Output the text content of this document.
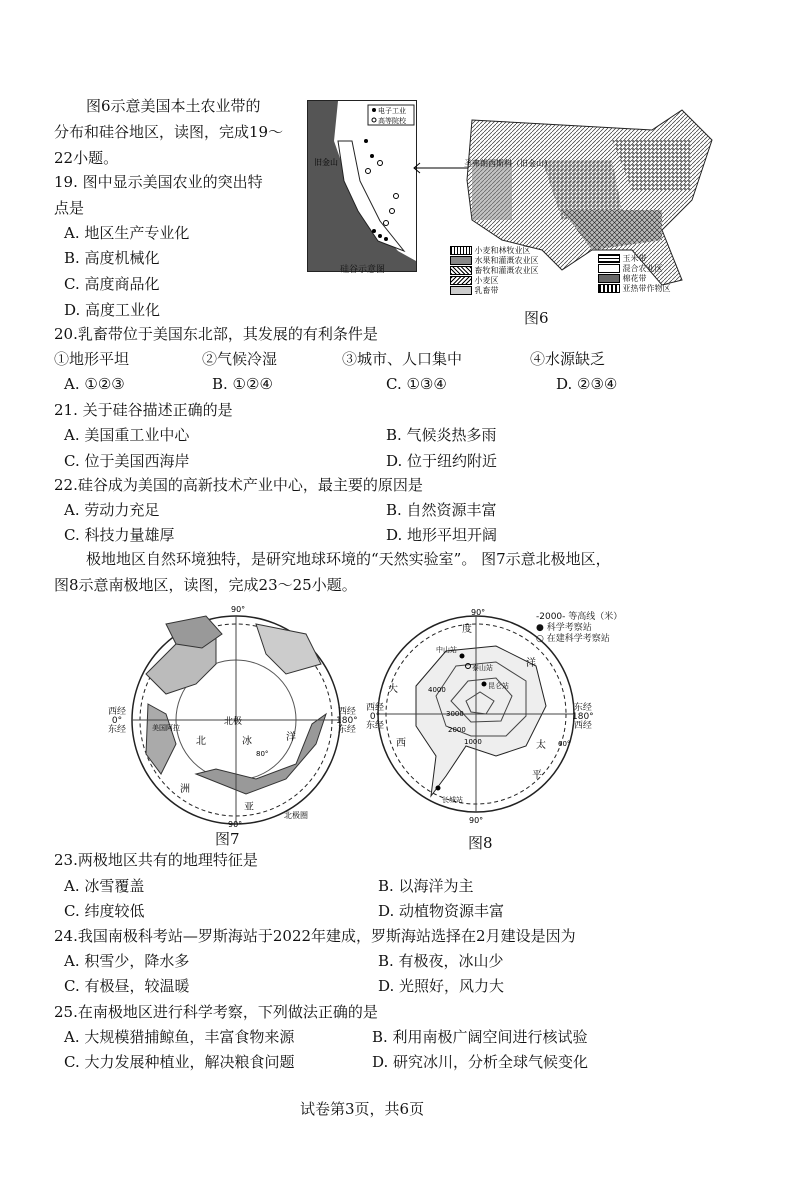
图6示意美国本土农业带的
分布和硅谷地区，读图，完成19～
22小题。
19. 图中显示美国农业的突出特
点是
A. 地区生产专业化
B. 高度机械化
C. 高度商品化
D. 高度工业化
电子工业
高等院校
旧金山
硅谷示意图
圣弗朗西斯科（旧金山）
小麦和林牧业区
水果和灌溉农业区
畜牧和灌溉农业区
小麦区
乳畜带
玉米带
混合农业区
棉花带
亚热带作物区
图6
20.乳畜带位于美国东北部，其发展的有利条件是
①地形平坦	②气候冷湿	③城市、人口集中	④水源缺乏
A. ①②③	B. ①②④	C. ①③④	D. ②③④
21. 关于硅谷描述正确的是
A. 美国重工业中心	B. 气候炎热多雨
C. 位于美国西海岸	D. 位于纽约附近
22.硅谷成为美国的高新技术产业中心，最主要的原因是
A. 劳动力充足	B. 自然资源丰富
C. 科技力量雄厚	D. 地形平坦开阔
极地地区自然环境独特，是研究地球环境的“天然实验室”。 图7示意北极地区，
图8示意南极地区，读图，完成23～25小题。
90°
90°
北极
北	冰	洋
80°
亚
洲
北极圈
美国阿拉
西经
0°
东经
西经
180°
东经
图7
90°
90°
4000
3000
2000
1000
中山站
泰山站
昆仑站
长城站
60°
度
洋
大
西	太
平
-2000- 等高线（米）
● 科学考察站
○ 在建科学考察站
西经
0°
东经
东经
180°
西经
图8
23.两极地区共有的地理特征是
A. 冰雪覆盖	B. 以海洋为主
C. 纬度较低	D. 动植物资源丰富
24.我国南极科考站—罗斯海站于2022年建成，罗斯海站选择在2月建设是因为
A. 积雪少，降水多	B. 有极夜，冰山少
C. 有极昼，较温暖	D. 光照好，风力大
25.在南极地区进行科学考察，下列做法正确的是
A. 大规模猎捕鲸鱼，丰富食物来源	B. 利用南极广阔空间进行核试验
C. 大力发展种植业，解决粮食问题	D. 研究冰川，分析全球气候变化
试卷第3页，共6页
